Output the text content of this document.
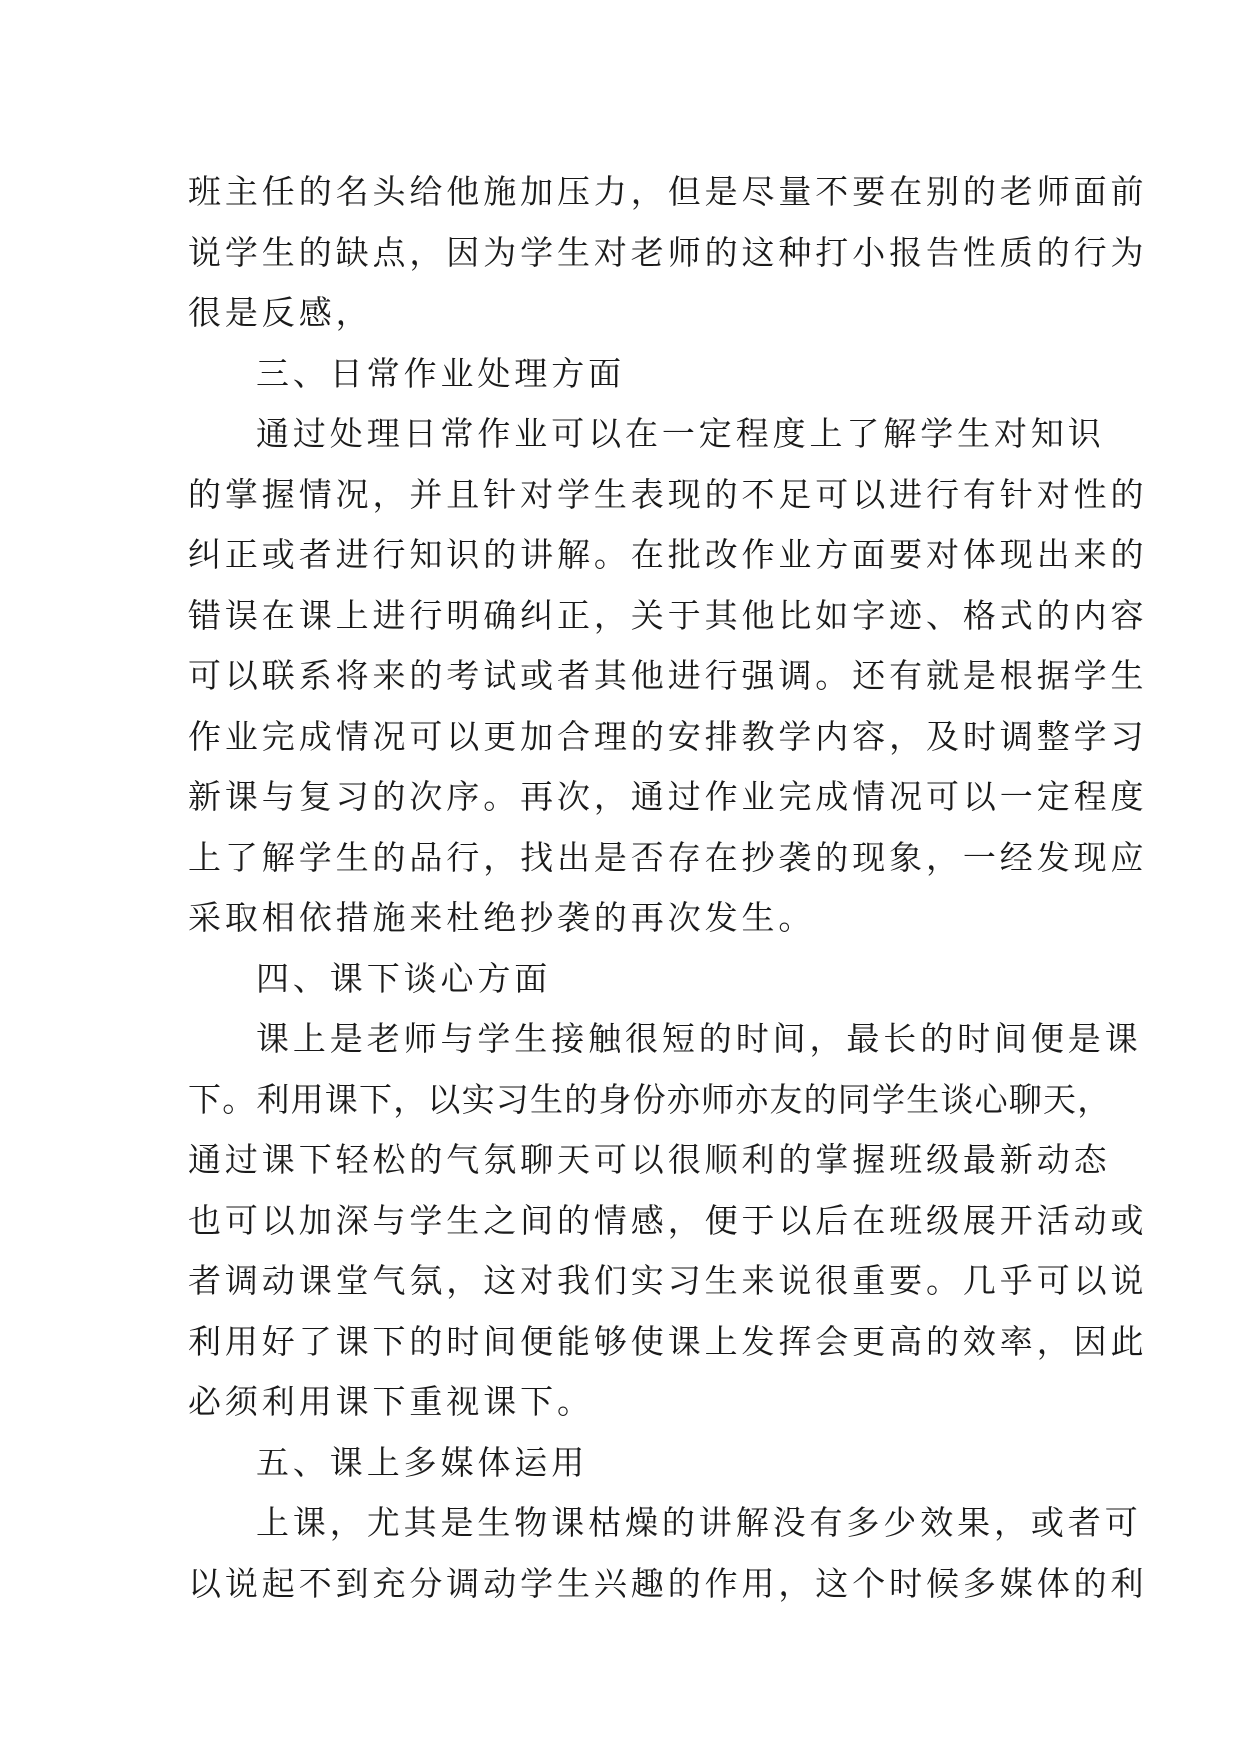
班主任的名头给他施加压力，但是尽量不要在别的老师面前
说学生的缺点，因为学生对老师的这种打小报告性质的行为
很是反感，

三、日常作业处理方面

通过处理日常作业可以在一定程度上了解学生对知识
的掌握情况，并且针对学生表现的不足可以进行有针对性的
纠正或者进行知识的讲解。在批改作业方面要对体现出来的
错误在课上进行明确纠正，关于其他比如字迹、格式的内容
可以联系将来的考试或者其他进行强调。还有就是根据学生
作业完成情况可以更加合理的安排教学内容，及时调整学习
新课与复习的次序。再次，通过作业完成情况可以一定程度
上了解学生的品行，找出是否存在抄袭的现象，一经发现应
采取相依措施来杜绝抄袭的再次发生。

四、课下谈心方面

课上是老师与学生接触很短的时间，最长的时间便是课
下。利用课下，以实习生的身份亦师亦友的同学生谈心聊天，
通过课下轻松的气氛聊天可以很顺利的掌握班级最新动态
也可以加深与学生之间的情感，便于以后在班级展开活动或
者调动课堂气氛，这对我们实习生来说很重要。几乎可以说
利用好了课下的时间便能够使课上发挥会更高的效率，因此
必须利用课下重视课下。

五、课上多媒体运用

上课，尤其是生物课枯燥的讲解没有多少效果，或者可
以说起不到充分调动学生兴趣的作用，这个时候多媒体的利
